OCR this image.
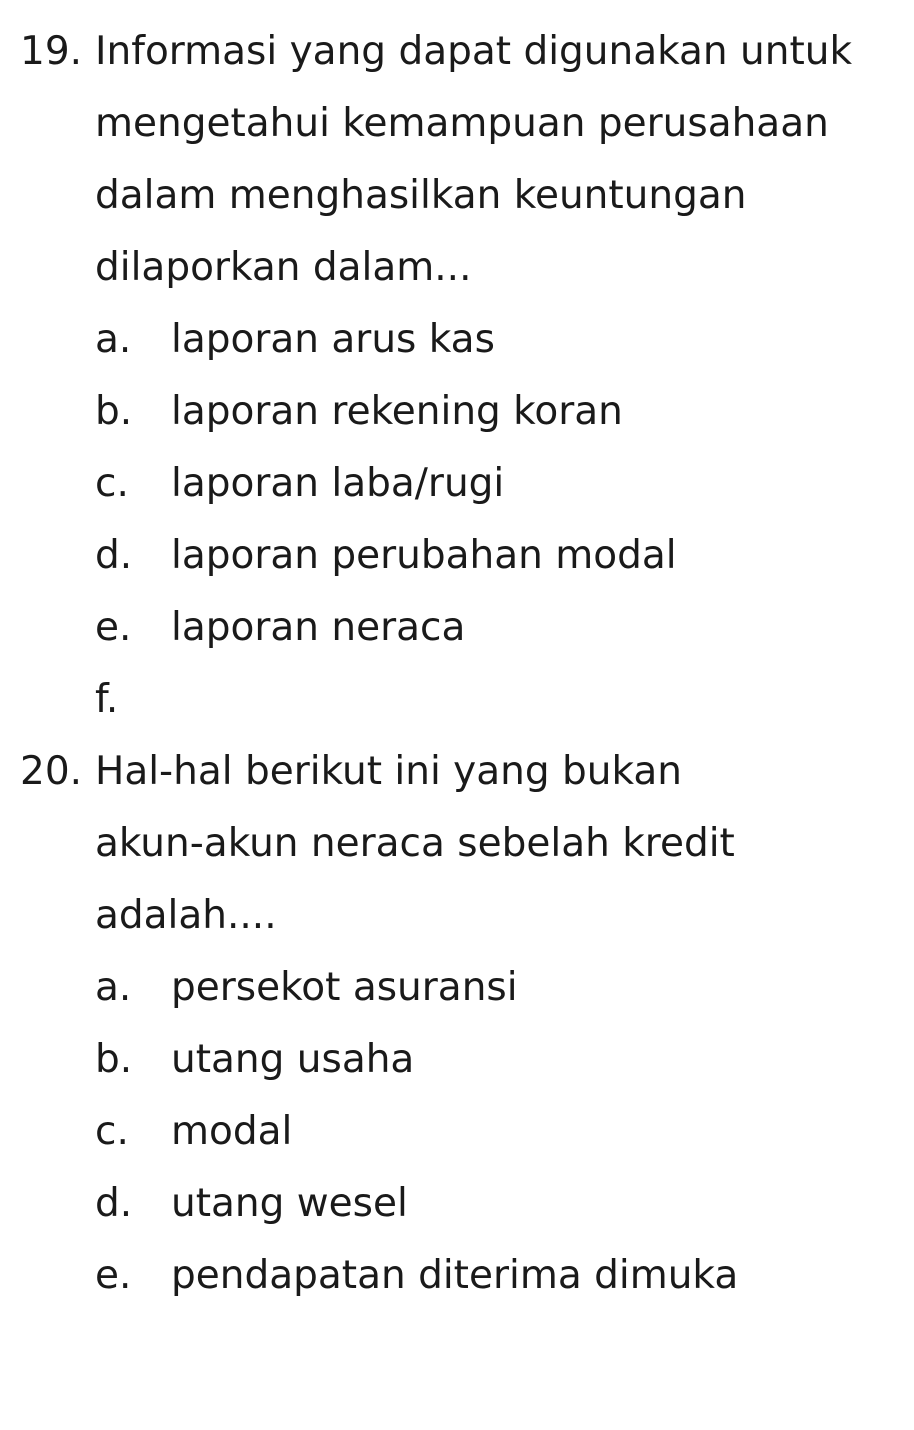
19. Informasi yang dapat digunakan untuk
mengetahui kemampuan perusahaan
dalam menghasilkan keuntungan
dilaporkan dalam...
a. laporan arus kas
b. laporan rekening koran
c. laporan laba/rugi
d. laporan perubahan modal
e. laporan neraca
f.
20. Hal-hal berikut ini yang bukan
akun-akun neraca sebelah kredit
adalah....
a. persekot asuransi
b. utang usaha
c. modal
d. utang wesel
e. pendapatan diterima dimuka
